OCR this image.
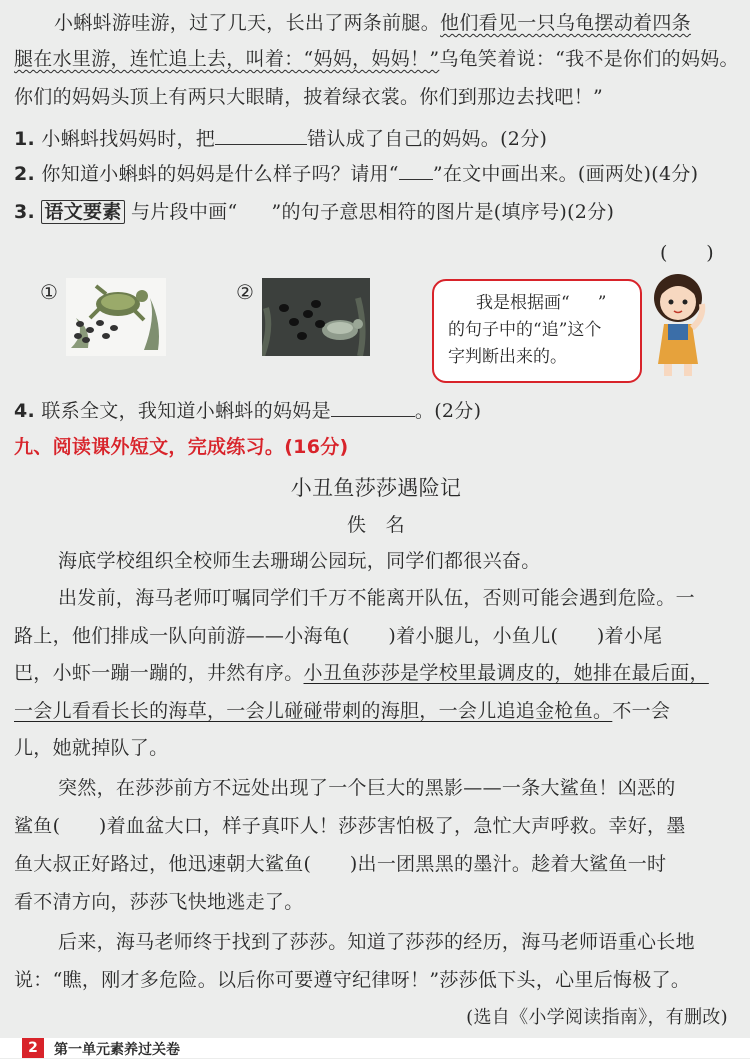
小蝌蚪游哇游，过了几天，长出了两条前腿。他们看见一只乌龟摆动着四条
腿在水里游，连忙追上去，叫着：“妈妈，妈妈！”乌龟笑着说：“我不是你们的妈妈。
你们的妈妈头顶上有两只大眼睛，披着绿衣裳。你们到那边去找吧！”
1. 小蝌蚪找妈妈时，把	错认成了自己的妈妈。(2分)
2. 你知道小蝌蚪的妈妈是什么样子吗？请用“ ”在文中画出来。(画两处)(4分)
3. 语文要素 与片段中画“ ”的句子意思相符的图片是(填序号)(2分)
(　　)
①	②	我是根据画“ ”
的句子中的“追”这个
字判断出来的。
4. 联系全文，我知道小蝌蚪的妈妈是	。(2分)
九、阅读课外短文，完成练习。(16分)
小丑鱼莎莎遇险记
佚　名
海底学校组织全校师生去珊瑚公园玩，同学们都很兴奋。
出发前，海马老师叮嘱同学们千万不能离开队伍，否则可能会遇到危险。一
路上，他们排成一队向前游——小海龟(　　)着小腿儿，小鱼儿(　　)着小尾
巴，小虾一蹦一蹦的，井然有序。小丑鱼莎莎是学校里最调皮的，她排在最后面，
一会儿看看长长的海草，一会儿碰碰带刺的海胆，一会儿追追金枪鱼。不一会
儿，她就掉队了。
突然，在莎莎前方不远处出现了一个巨大的黑影——一条大鲨鱼！凶恶的
鲨鱼(　　)着血盆大口，样子真吓人！莎莎害怕极了，急忙大声呼救。幸好，墨
鱼大叔正好路过，他迅速朝大鲨鱼(　　)出一团黑黑的墨汁。趁着大鲨鱼一时
看不清方向，莎莎飞快地逃走了。
后来，海马老师终于找到了莎莎。知道了莎莎的经历，海马老师语重心长地
说：“瞧，刚才多危险。以后你可要遵守纪律呀！”莎莎低下头，心里后悔极了。
(选自《小学阅读指南》，有删改)
2	第一单元素养过关卷
